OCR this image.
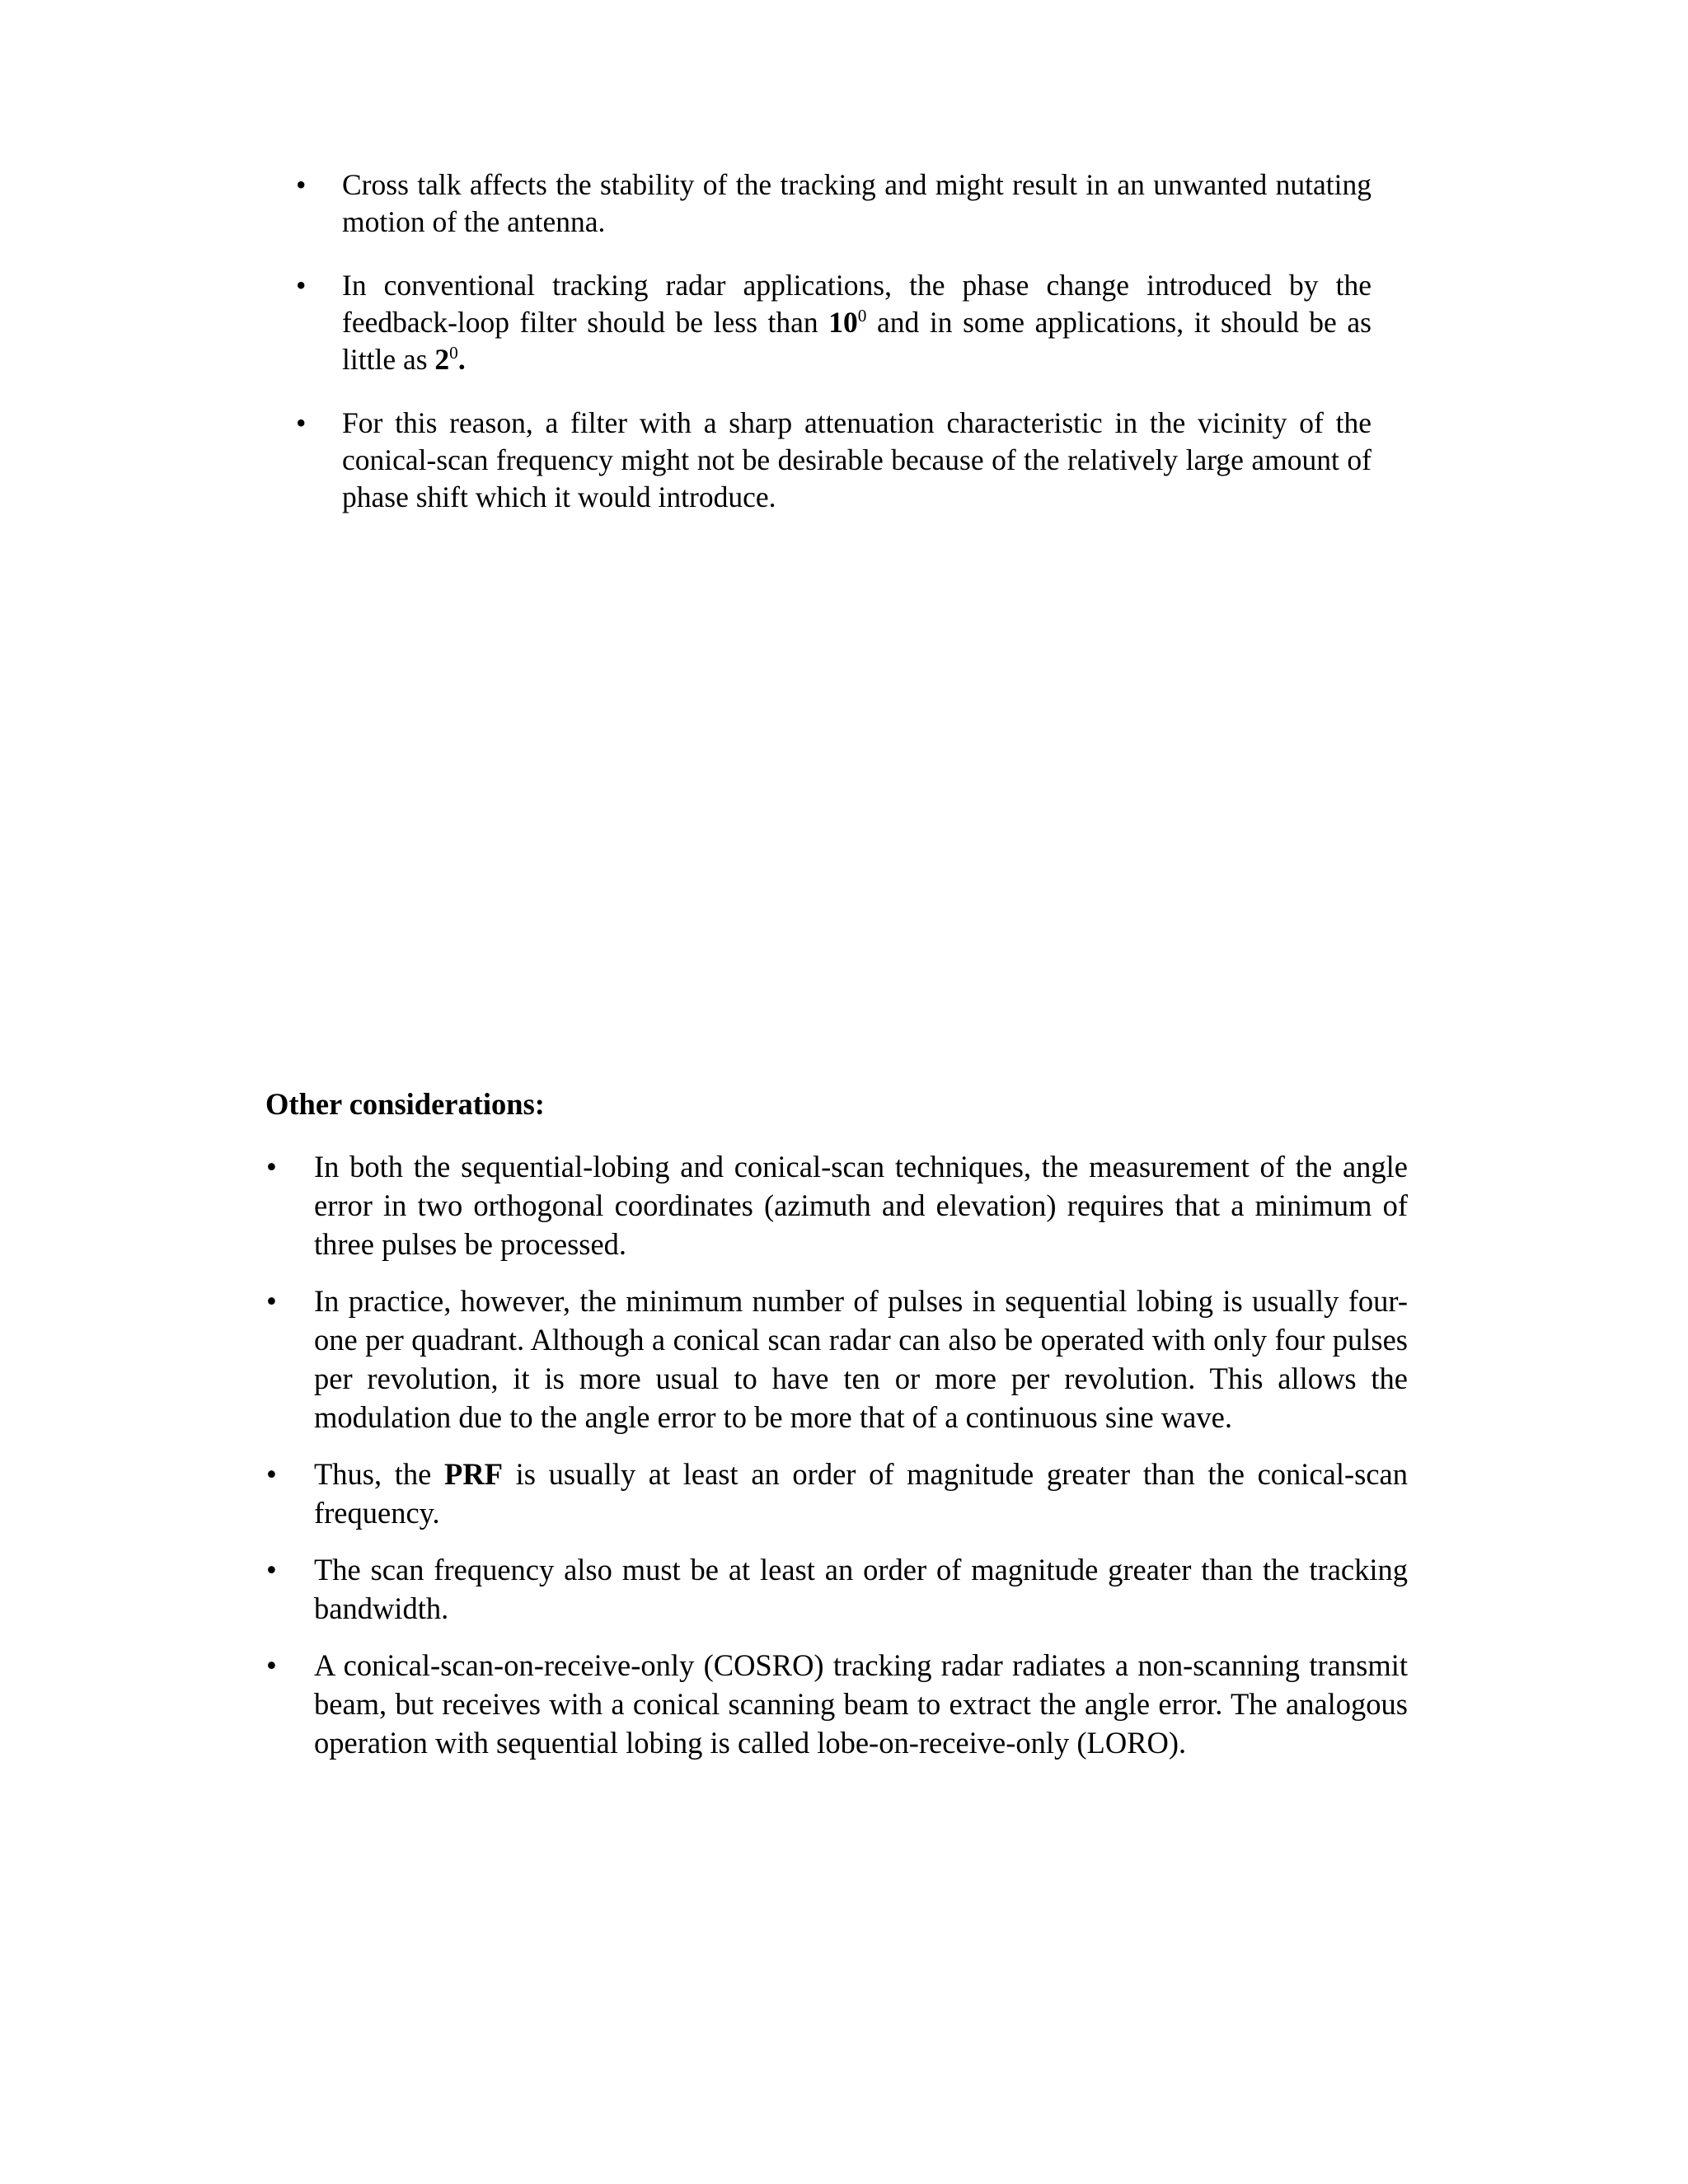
• Cross talk affects the stability of the tracking and might result in an unwanted nutating motion of the antenna.
• In conventional tracking radar applications, the phase change introduced by the feedback-loop filter should be less than $10^0$ and in some applications, it should be as little as $2^0$.
• For this reason, a filter with a sharp attenuation characteristic in the vicinity of the conical-scan frequency might not be desirable because of the relatively large amount of phase shift which it would introduce.
Other considerations:
• In both the sequential-lobing and conical-scan techniques, the measurement of the angle error in two orthogonal coordinates (azimuth and elevation) requires that a minimum of three pulses be processed.
• In practice, however, the minimum number of pulses in sequential lobing is usually four-one per quadrant. Although a conical scan radar can also be operated with only four pulses per revolution, it is more usual to have ten or more per revolution. This allows the modulation due to the angle error to be more that of a continuous sine wave.
• Thus, the PRF is usually at least an order of magnitude greater than the conical-scan frequency.
• The scan frequency also must be at least an order of magnitude greater than the tracking bandwidth.
• A conical-scan-on-receive-only (COSRO) tracking radar radiates a non-scanning transmit beam, but receives with a conical scanning beam to extract the angle error. The analogous operation with sequential lobing is called lobe-on-receive-only (LORO).
